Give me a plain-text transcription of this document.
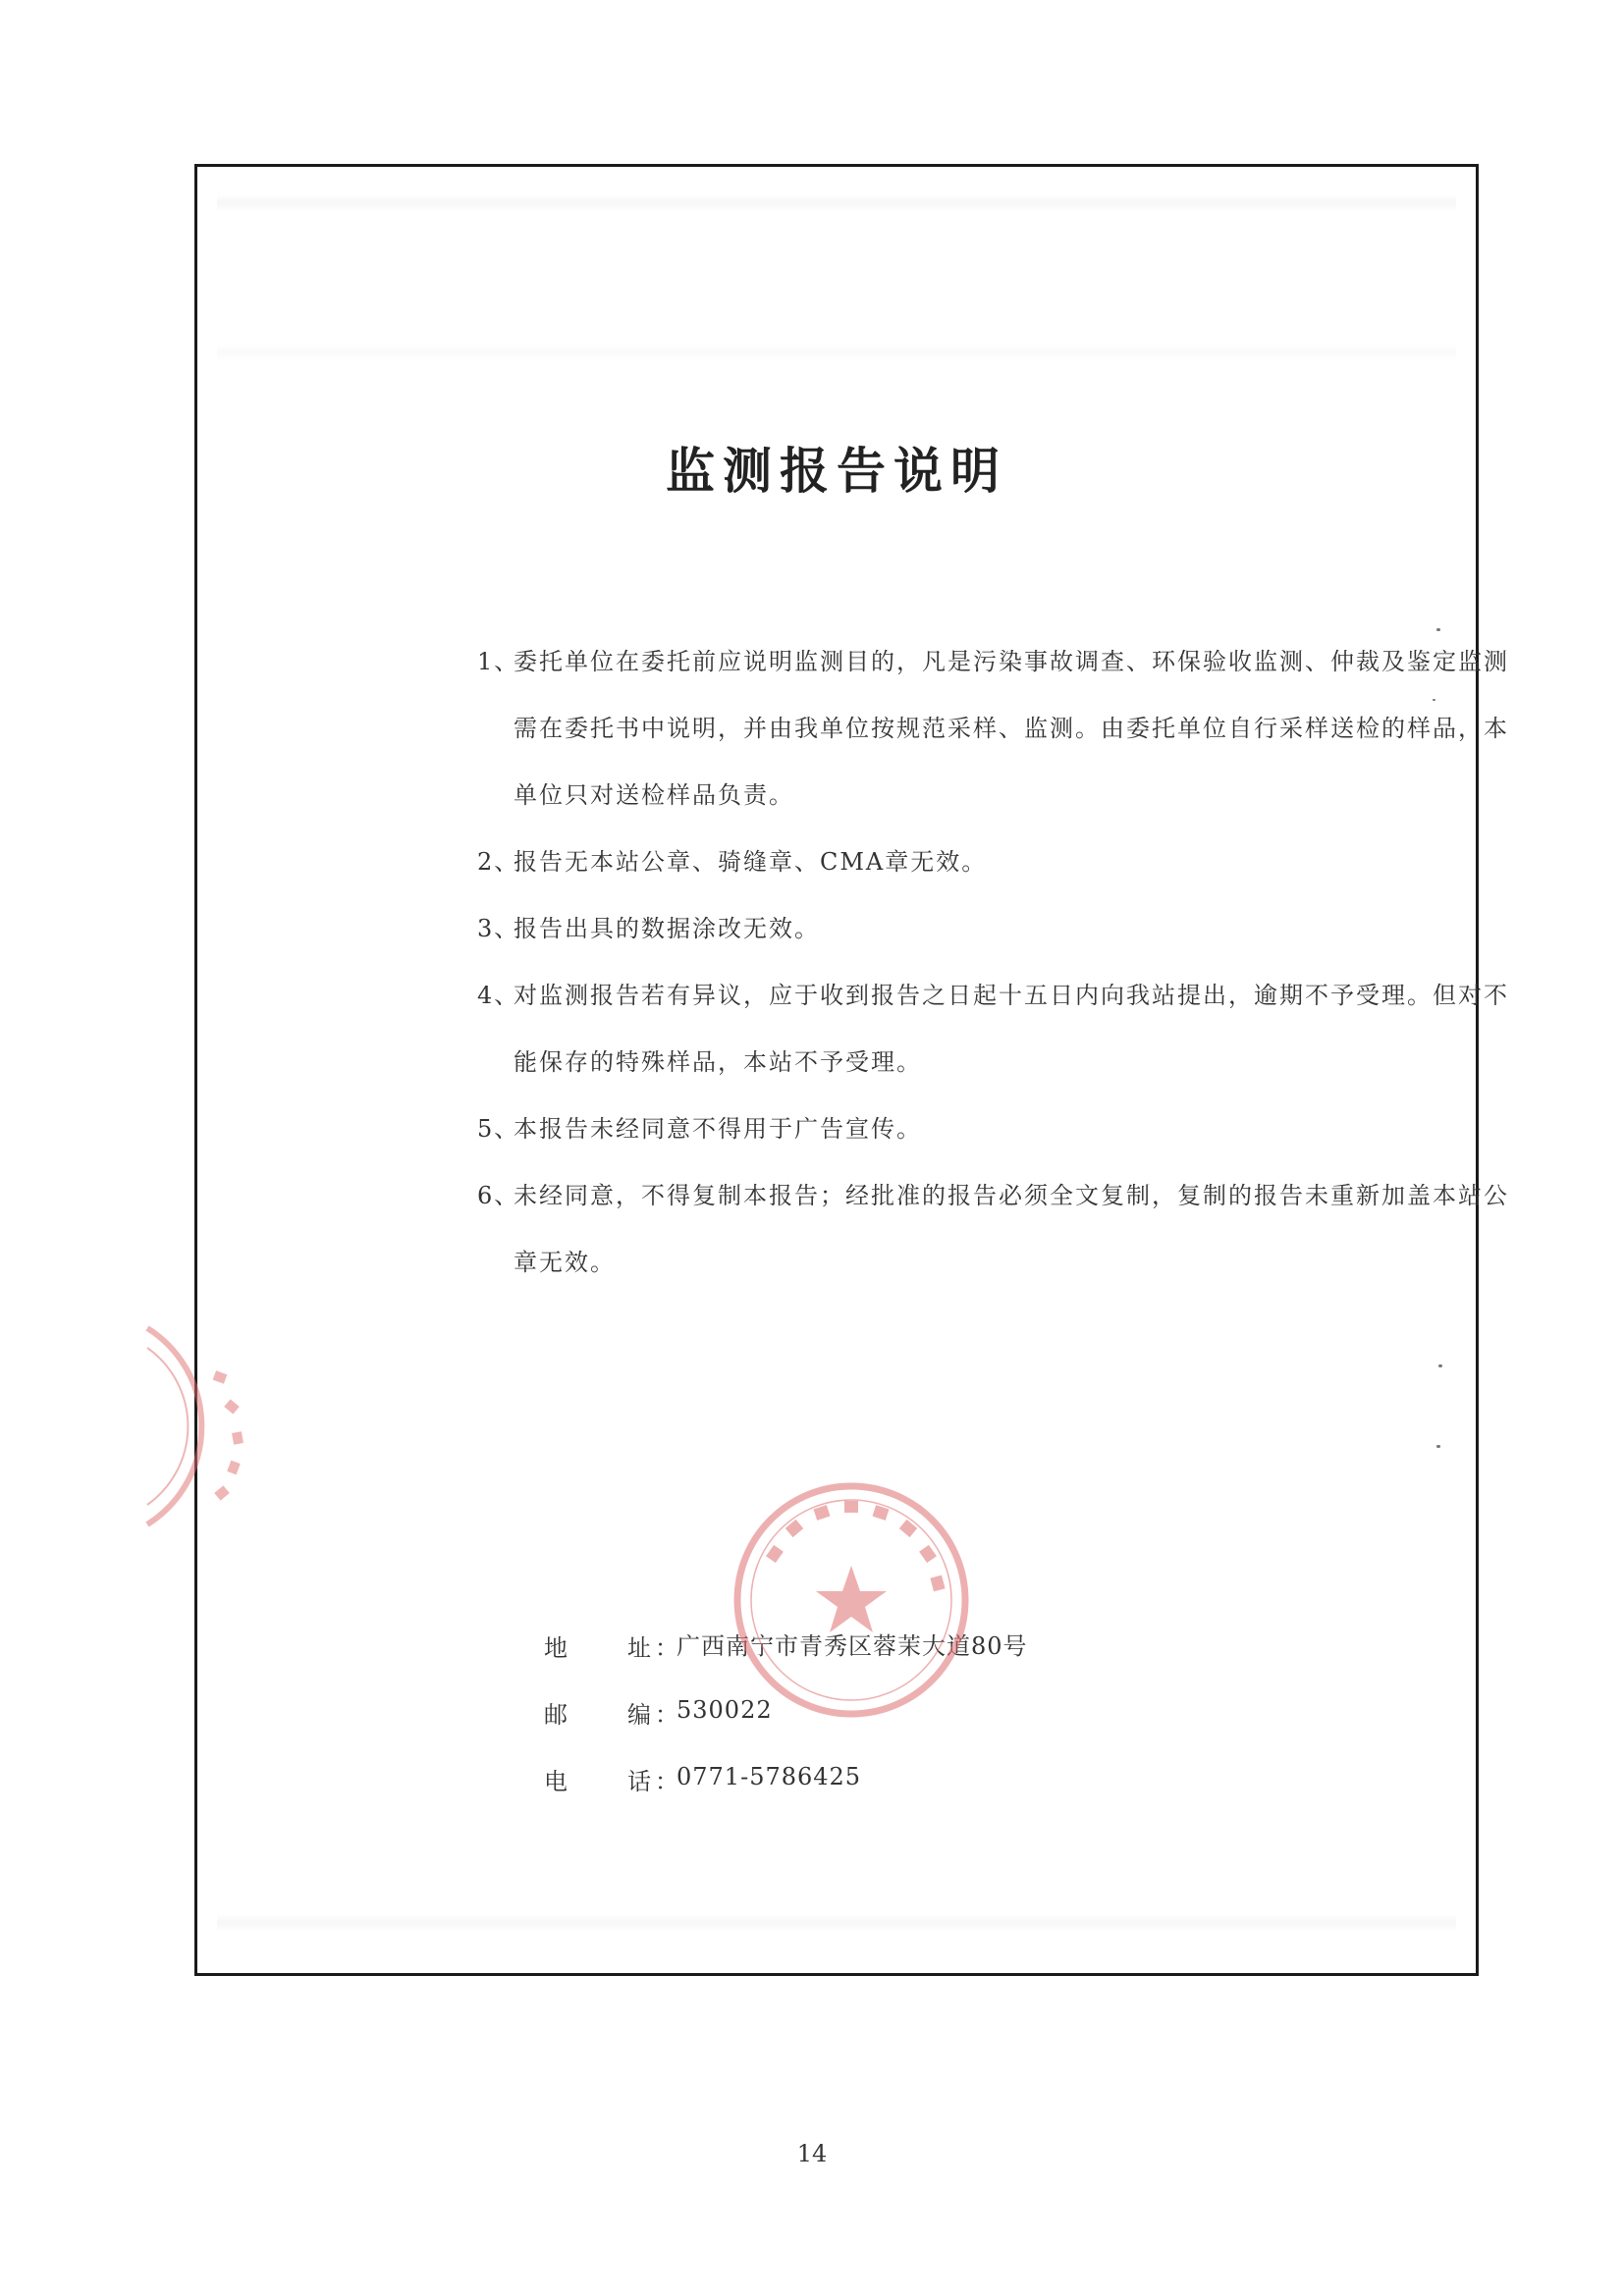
监测报告说明
1、
委托单位在委托前应说明监测目的，凡是污染事故调查、环保验收监测、仲裁及鉴定监测需在委托书中说明，并由我单位按规范采样、监测。由委托单位自行采样送检的样品，本单位只对送检样品负责。
2、
报告无本站公章、骑缝章、CMA章无效。
3、
报告出具的数据涂改无效。
4、
对监测报告若有异议，应于收到报告之日起十五日内向我站提出，逾期不予受理。但对不能保存的特殊样品，本站不予受理。
5、
本报告未经同意不得用于广告宣传。
6、
未经同意，不得复制本报告；经批准的报告必须全文复制，复制的报告未重新加盖本站公章无效。
地 址：
广西南宁市青秀区蓉茉大道80号
邮 编：
530022
电 话：
0771-5786425
14
